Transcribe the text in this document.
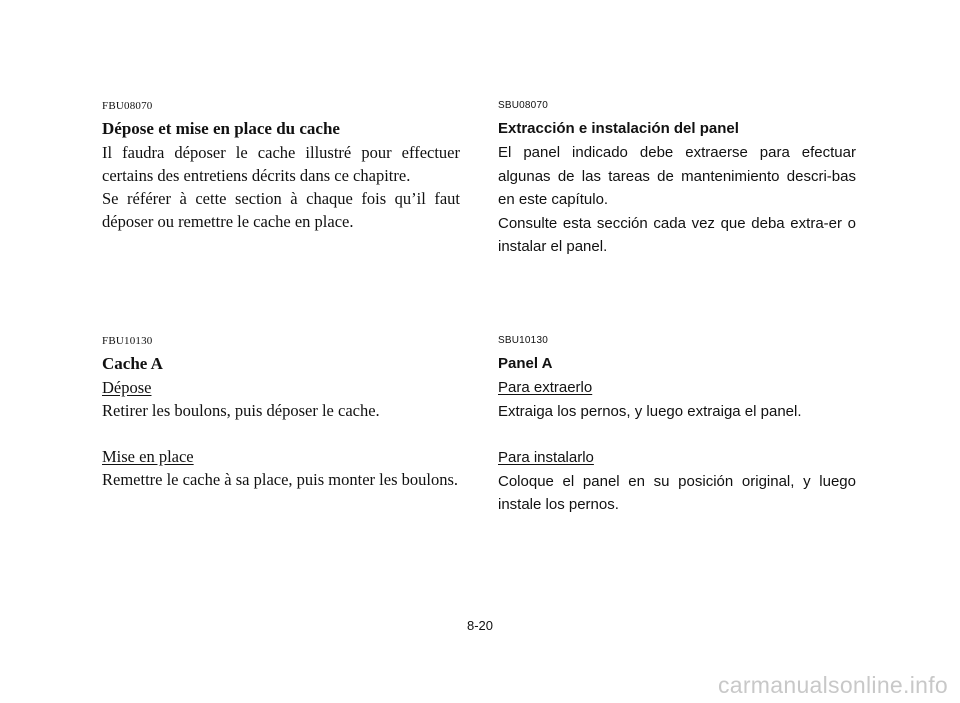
FBU08070
Dépose et mise en place du cache

Il faudra déposer le cache illustré pour effectuer certains des entretiens décrits dans ce chapitre.

Se référer à cette section à chaque fois qu’il faut déposer ou remettre le cache en place.

FBU10130
Cache A
Dépose

Retirer les boulons, puis déposer le cache.

Mise en place

Remettre le cache à sa place, puis monter les boulons.

SBU08070
Extracción e instalación del panel

El panel indicado debe extraerse para efectuar algunas de las tareas de mantenimiento descri-bas en este capítulo.

Consulte esta sección cada vez que deba extra-er o instalar el panel.

SBU10130
Panel A
Para extraerlo

Extraiga los pernos, y luego extraiga el panel.

Para instalarlo

Coloque el panel en su posición original, y luego instale los pernos.

8-20
carmanualsonline.info
